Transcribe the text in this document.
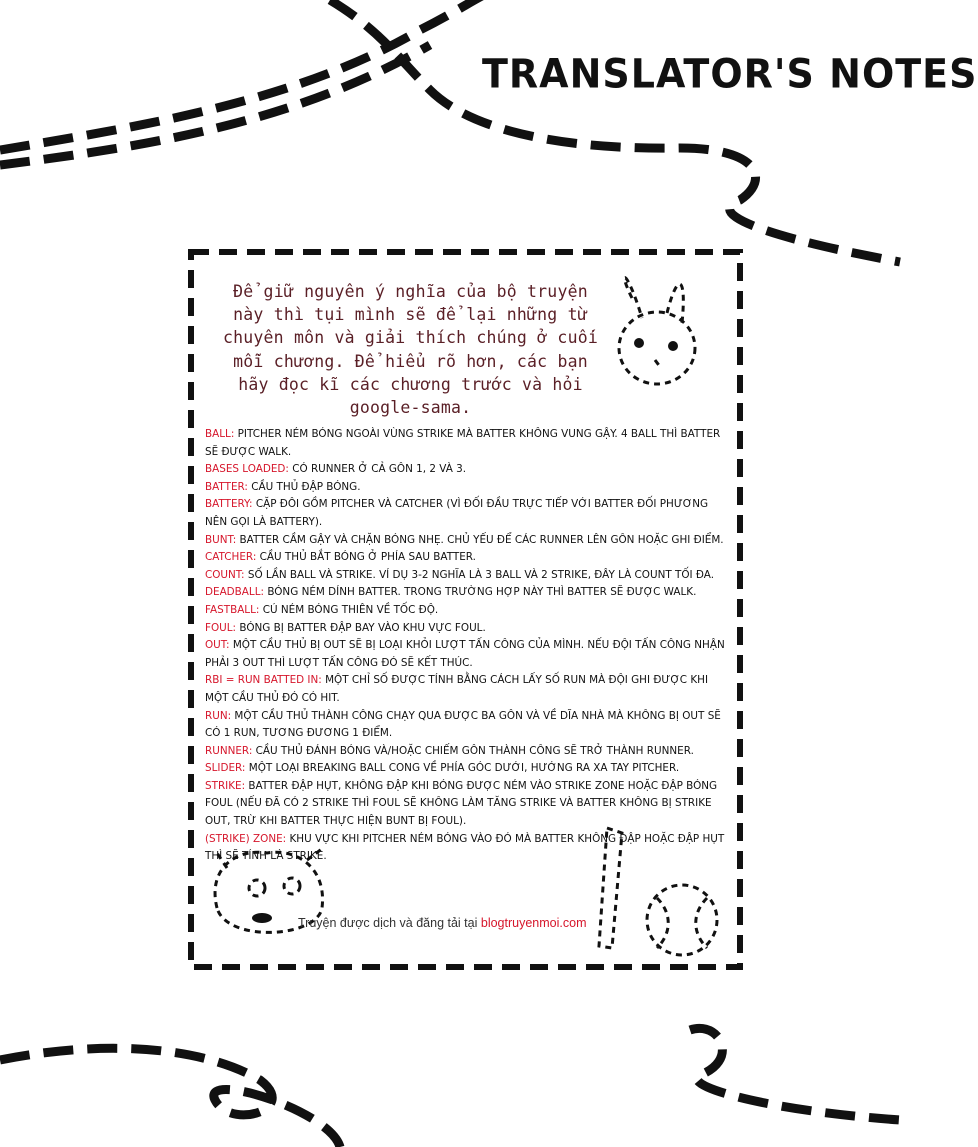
TRANSLATOR'S NOTES
Để giữ nguyên ý nghĩa của bộ truyện này thì tụi mình sẽ để lại những từ chuyên môn và giải thích chúng ở cuối mỗi chương. Để hiểu rõ hơn, các bạn hãy đọc kĩ các chương trước và hỏi google-sama.

BALL: PITCHER NÉM BÓNG NGOÀI VÙNG STRIKE MÀ BATTER KHÔNG VUNG GẬY. 4 BALL THÌ BATTER SẼ ĐƯỢC WALK.

BASES LOADED: CÓ RUNNER Ở CẢ GÔN 1, 2 VÀ 3.

BATTER: CẦU THỦ ĐẬP BÓNG.

BATTERY: CẶP ĐÔI GỒM PITCHER VÀ CATCHER (VÌ ĐỐI ĐẦU TRỰC TIẾP VỚI BATTER ĐỐI PHƯƠNG NÊN GỌI LÀ BATTERY).

BUNT: BATTER CẦM GẬY VÀ CHẶN BÓNG NHẸ. CHỦ YẾU ĐỂ CÁC RUNNER LÊN GÔN HOẶC GHI ĐIỂM.

CATCHER: CẦU THỦ BẮT BÓNG Ở PHÍA SAU BATTER.

COUNT: SỐ LẦN BALL VÀ STRIKE. VÍ DỤ 3-2 NGHĨA LÀ 3 BALL VÀ 2 STRIKE, ĐÂY LÀ COUNT TỐI ĐA.

DEADBALL: BÓNG NÉM DÍNH BATTER. TRONG TRƯỜNG HỢP NÀY THÌ BATTER SẼ ĐƯỢC WALK.

FASTBALL: CÚ NÉM BÓNG THIÊN VỀ TỐC ĐỘ.

FOUL: BÓNG BỊ BATTER ĐẬP BAY VÀO KHU VỰC FOUL.

OUT: MỘT CẦU THỦ BỊ OUT SẼ BỊ LOẠI KHỎI LƯỢT TẤN CÔNG CỦA MÌNH. NẾU ĐỘI TẤN CÔNG NHẬN PHẢI 3 OUT THÌ LƯỢT TẤN CÔNG ĐÓ SẼ KẾT THÚC.

RBI = RUN BATTED IN: MỘT CHỈ SỐ ĐƯỢC TÍNH BẰNG CÁCH LẤY SỐ RUN MÀ ĐỘI GHI ĐƯỢC KHI MỘT CẦU THỦ ĐÓ CÓ HIT.

RUN: MỘT CẦU THỦ THÀNH CÔNG CHẠY QUA ĐƯỢC BA GÔN VÀ VỀ DĨA NHÀ MÀ KHÔNG BỊ OUT SẼ CÓ 1 RUN, TƯƠNG ĐƯƠNG 1 ĐIỂM.

RUNNER: CẦU THỦ ĐÁNH BÓNG VÀ/HOẶC CHIẾM GÔN THÀNH CÔNG SẼ TRỞ THÀNH RUNNER.

SLIDER: MỘT LOẠI BREAKING BALL CONG VỀ PHÍA GÓC DƯỚI, HƯỚNG RA XA TAY PITCHER.

STRIKE: BATTER ĐẬP HỤT, KHÔNG ĐẬP KHI BÓNG ĐƯỢC NÉM VÀO STRIKE ZONE HOẶC ĐẬP BÓNG FOUL (NẾU ĐÃ CÓ 2 STRIKE THÌ FOUL SẼ KHÔNG LÀM TĂNG STRIKE VÀ BATTER KHÔNG BỊ STRIKE OUT, TRỪ KHI BATTER THỰC HIỆN BUNT BỊ FOUL).

(STRIKE) ZONE: KHU VỰC KHI PITCHER NÉM BÓNG VÀO ĐÓ MÀ BATTER KHÔNG ĐẬP HOẶC ĐẬP HỤT THÌ SẼ TÍNH LÀ STRIKE.

Truyện được dịch và đăng tải tại blogtruyenmoi.com
